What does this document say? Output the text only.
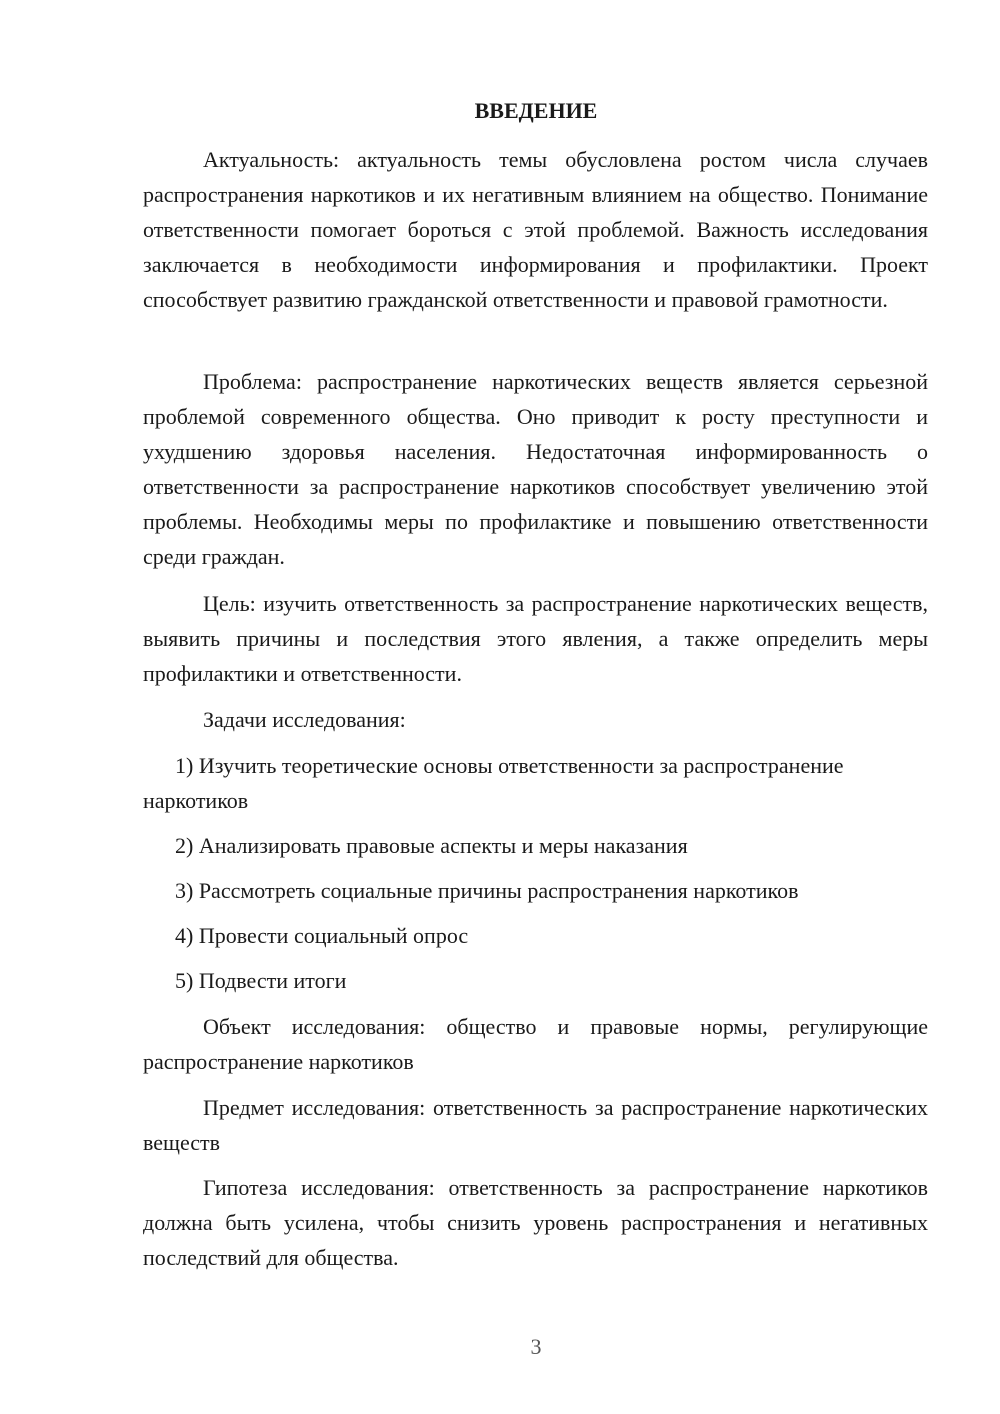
ВВЕДЕНИЕ
Актуальность: актуальность темы обусловлена ростом числа случаев распространения наркотиков и их негативным влиянием на общество. Понимание ответственности помогает бороться с этой проблемой. Важность исследования заключается в необходимости информирования и профилактики. Проект способствует развитию гражданской ответственности и правовой грамотности.
Проблема: распространение наркотических веществ является серьезной проблемой современного общества. Оно приводит к росту преступности и ухудшению здоровья населения. Недостаточная информированность о ответственности за распространение наркотиков способствует увеличению этой проблемы. Необходимы меры по профилактике и повышению ответственности среди граждан.
Цель: изучить ответственность за распространение наркотических веществ, выявить причины и последствия этого явления, а также определить меры профилактики и ответственности.
Задачи исследования:
1) Изучить теоретические основы ответственности за распространение наркотиков
2) Анализировать правовые аспекты и меры наказания
3) Рассмотреть социальные причины распространения наркотиков
4) Провести социальный опрос
5) Подвести итоги
Объект исследования: общество и правовые нормы, регулирующие распространение наркотиков
Предмет исследования: ответственность за распространение наркотических веществ
Гипотеза исследования: ответственность за распространение наркотиков должна быть усилена, чтобы снизить уровень распространения и негативных последствий для общества.
3
